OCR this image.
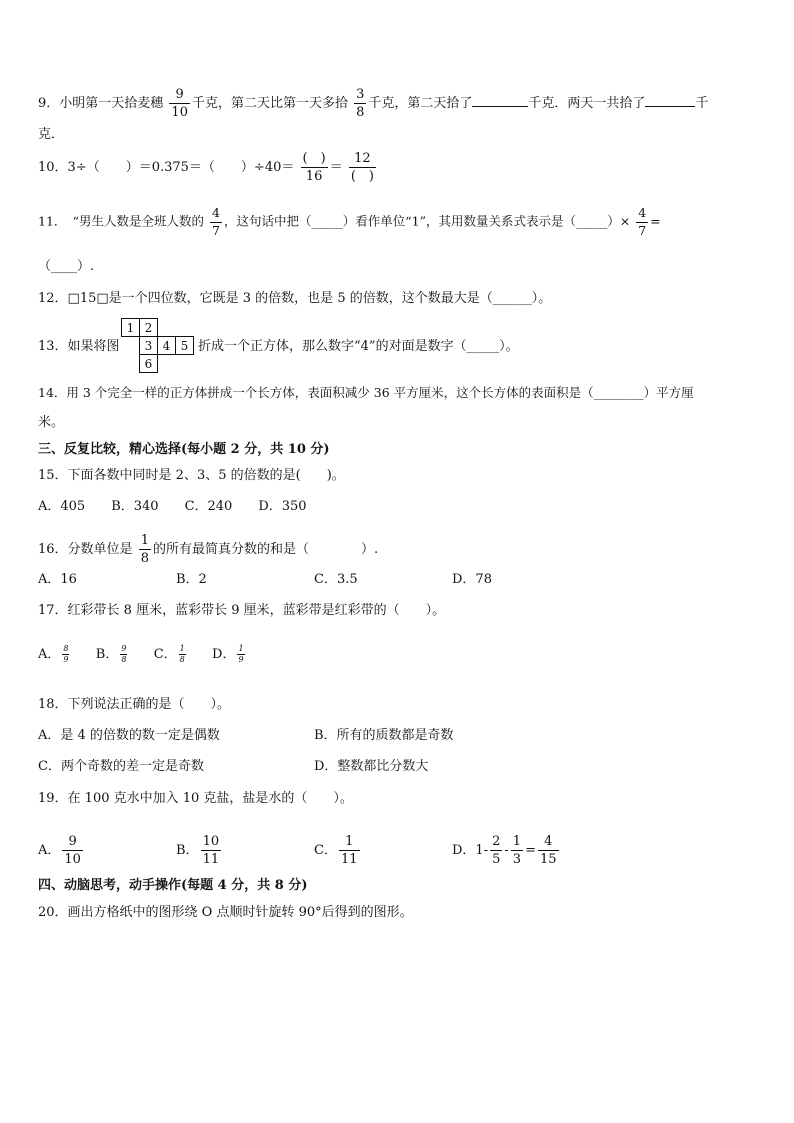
9．小明第一天拾麦穗 $\frac{9}{10}$ 千克，第二天比第一天多拾 $\frac{3}{8}$ 千克，第二天拾了	千克．两天一共拾了	千
克．
10．3÷（　　）＝0.375＝（　　）$\div 40= \frac{( )}{16} = \frac{12}{( )}$
11．　“男生人数是全班人数的 $\frac{4}{7}$ ，这句话中把（_____）看作单位“1”，其用数量关系式表示是（_____）× $\frac{4}{7}$ =
（____）.
12．□15□是一个四位数，它既是 3 的倍数，也是 5 的倍数，这个数最大是（______）。
13．如果将图
1	2		
	3	4	5
	6		
折成一个正方体，那么数字“4”的对面是数字（_____）。
14．用 3 个完全一样的正方体拼成一个长方体，表面积减少 36 平方厘米，这个长方体的表面积是（________）平方厘
米。
三、反复比较，精心选择(每小题 2 分，共 10 分)
15．下面各数中同时是 2、3、5 的倍数的是(　　)。
A．405　　B．340　　C．240　　D．350
16．分数单位是 $\frac{1}{8}$ 的所有最简真分数的和是（　　　　）.
A．16	B．2	C．3.5	D．78
17．红彩带长 8 厘米，蓝彩带长 9 厘米，蓝彩带是红彩带的（　　）。
A． $\frac{8}{9}$ B． $\frac{9}{8}$ C． $\frac{1}{8}$ D． $\frac{1}{9}$
18．下列说法正确的是（　　）。
A．是 4 的倍数的数一定是偶数	B．所有的质数都是奇数
C．两个奇数的差一定是奇数	D．整数都比分数大
19．在 100 克水中加入 10 克盐，盐是水的（　　）。
A． $\frac{9}{10}$	B． $\frac{10}{11}$	C． $\frac{1}{11}$	D．$1- \frac{2}{5} - \frac{1}{3} = \frac{4}{15}$
四、动脑思考，动手操作(每题 4 分，共 8 分)
20．画出方格纸中的图形绕 O 点顺时针旋转 90°后得到的图形。
